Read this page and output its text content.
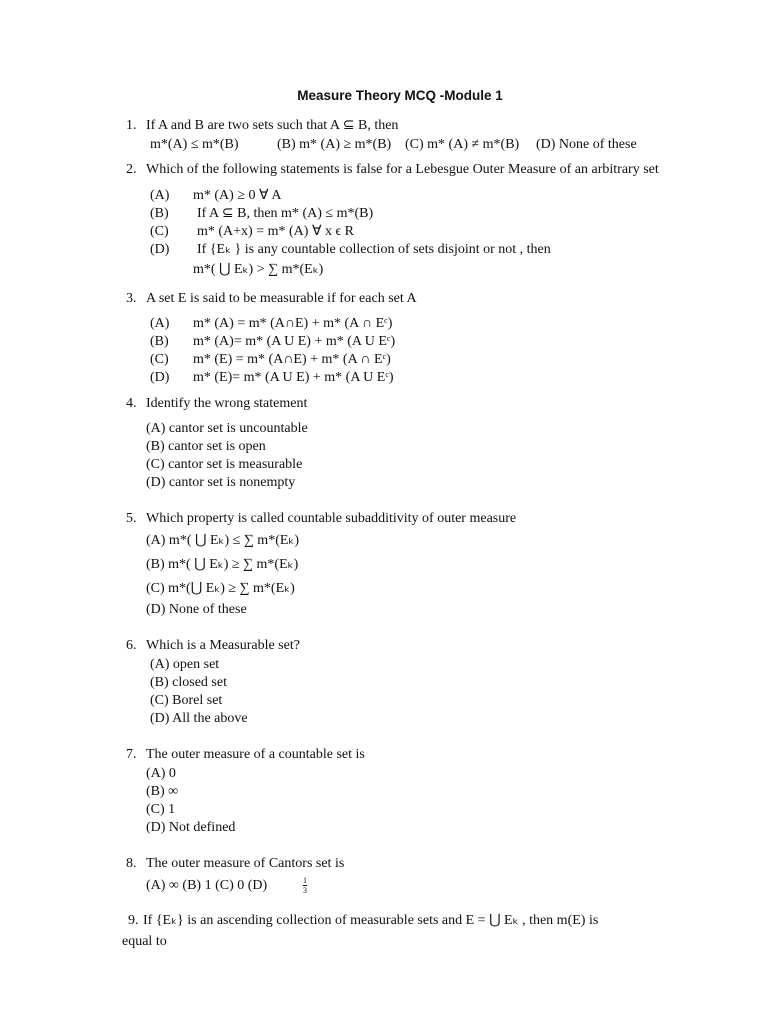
Measure Theory MCQ -Module 1
1. If A and B are two sets such that A ⊆ B, then
m*(A) ≤ m*(B)	(B) m* (A) ≥ m*(B) (C) m* (A) ≠ m*(B) (D) None of these
2. Which of the following statements is false for a Lebesgue Outer Measure of an arbitrary set
(A) m* (A) ≥ 0 ∀ A
(B) If A ⊆ B, then m* (A) ≤ m*(B)
(C) m* (A+x) = m* (A) ∀ x ϵ R
(D) If {Eₖ } is any countable collection of sets disjoint or not , then
m*( ⋃ Eₖ) > ∑ m*(Eₖ)
3. A set E is said to be measurable if for each set A
(A) m* (A) = m* (A∩E) + m* (A ∩ Eᶜ)
(B) m* (A)= m* (A U E) + m* (A U Eᶜ)
(C) m* (E) = m* (A∩E) + m* (A ∩ Eᶜ)
(D) m* (E)= m* (A U E) + m* (A U Eᶜ)
4. Identify the wrong statement
(A) cantor set is uncountable
(B) cantor set is open
(C) cantor set is measurable
(D) cantor set is nonempty
5. Which property is called countable subadditivity of outer measure
(A) m*( ⋃ Eₖ) ≤ ∑ m*(Eₖ)
(B) m*( ⋃ Eₖ) ≥ ∑ m*(Eₖ)
(C) m*(⋃ Eₖ) ≥ ∑ m*(Eₖ)
(D) None of these
6. Which is a Measurable set?
(A) open set
(B) closed set
(C) Borel set
(D) All the above
7. The outer measure of a countable set is
(A) 0
(B) ∞
(C) 1
(D) Not defined
8. The outer measure of Cantors set is
(A) ∞ (B) 1 (C) 0 (D)	$\frac{1}{3}$
9. If {Eₖ} is an ascending collection of measurable sets and E = ⋃ Eₖ , then m(E) is
equal to
